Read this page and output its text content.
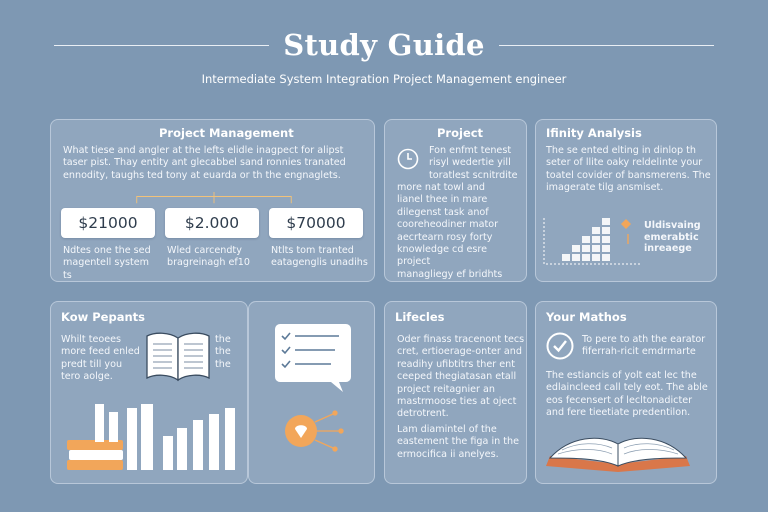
Study Guide
Intermediate System Integration Project Management engineer
Project Management
What tiese and angler at the lefts elidle inagpect for alipst
taser pist. Thay entity ant glecabbel sand ronnies tranated
ennodity, taughs ted tony at euarda or th the engnaglets.
$21000	$2.000	$70000
Ndtes one the sed
magentell system
ts
Wled carcendty
bragreinagh ef10
Ntlts tom tranted
eatagenglis unadihs
Project
Fon enfmt tenest
risyl wedertie yill
toratlest scnitrdite
more nat towl and
lianel thee in mare
dilegenst task anof
cooreheodiner mator
aecrtearn rosy forty
knowledge cd esre project
managliegy ef bridhts
Ifinity Analysis
The se ented elting in dinlop th
seter of llite oaky reldelinte your
toatel covider of bansmerens. The
imagerate tilg ansmiset.
Uldisvaing
emerabtic
inreaege
Kow Pepants
Whilt teoees
more feed enled
predt till you
tero aolge.
the
the
the
Lifecles
Oder finass tracenont tecs
cret, ertioerage-onter and
readihy ufibtitrs ther ent
ceeped thegiatasan etall
project reitagnier an
mastrmoose ties at oject
detrotrent.
Lam diamintel of the
eastement the figa in the
ermocifica ii anelyes.
Your Mathos
To pere to ath the earator
fiferrah-ricit emdrmarte
The estiancis of yolt eat lec the
edlaincleed call tely eot. The able
eos fecensert of lecltonadicter
and fere tieetiate predentilon.
